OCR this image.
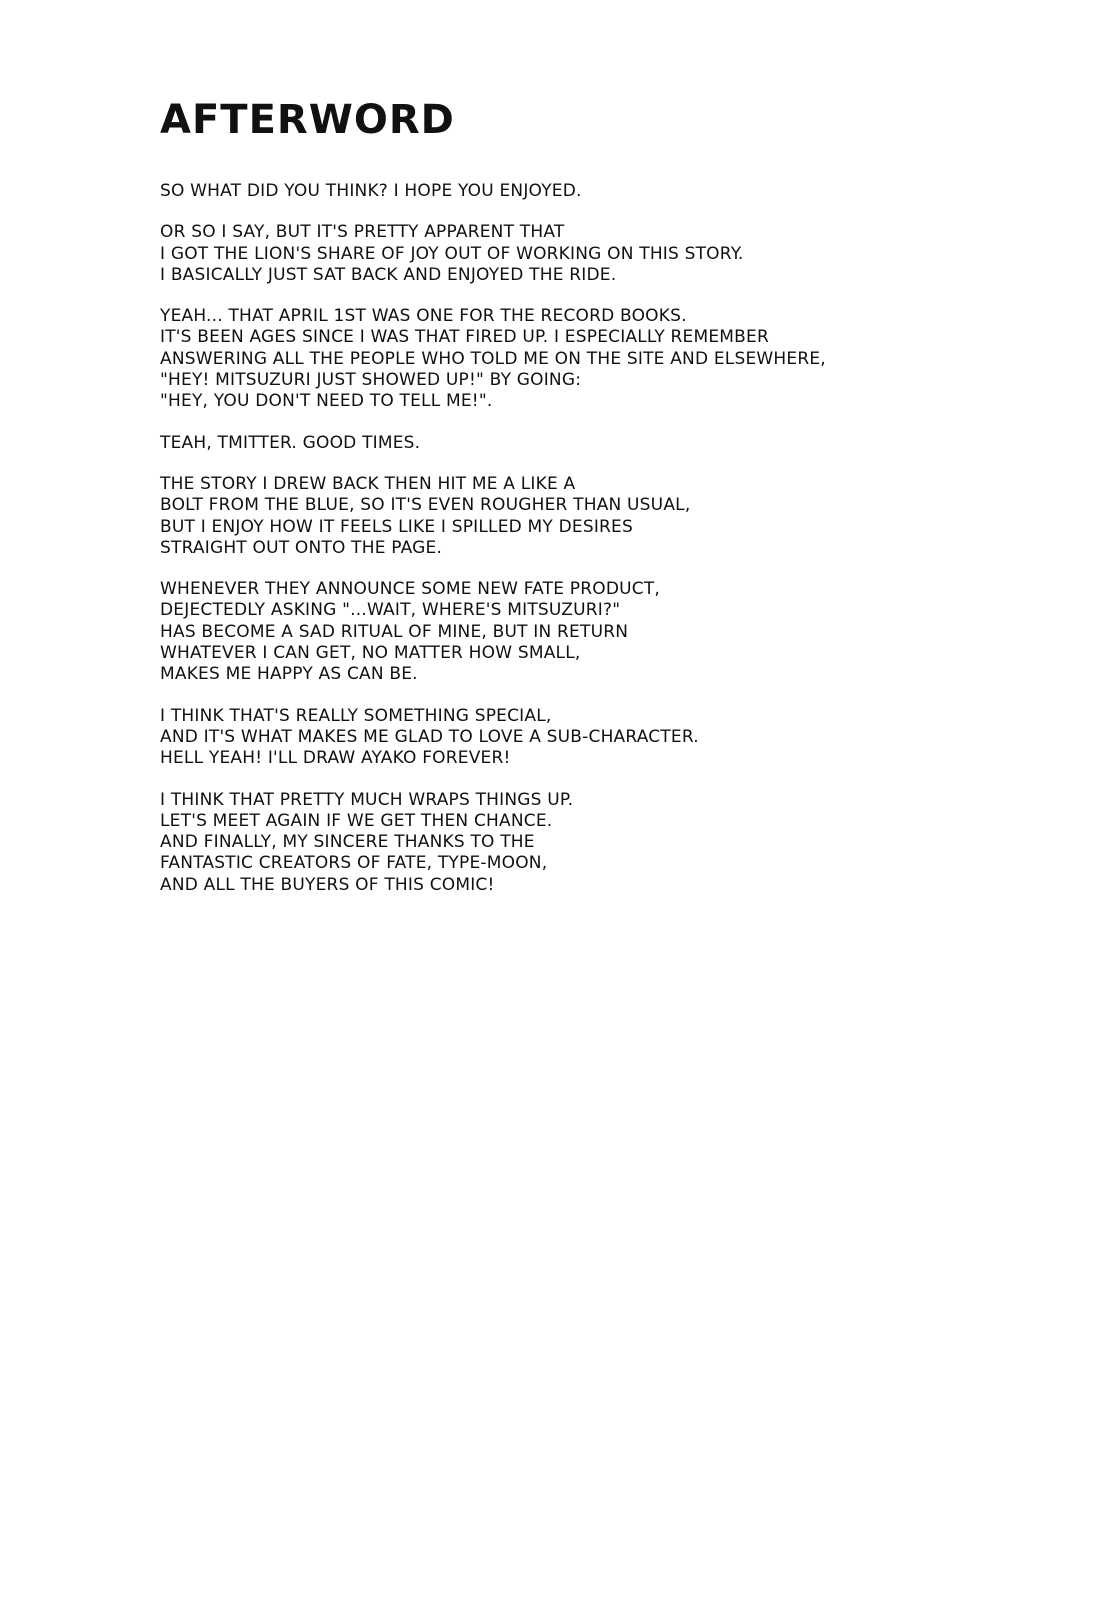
AFTERWORD

SO WHAT DID YOU THINK? I HOPE YOU ENJOYED.

OR SO I SAY, BUT IT'S PRETTY APPARENT THAT
I GOT THE LION'S SHARE OF JOY OUT OF WORKING ON THIS STORY.
I BASICALLY JUST SAT BACK AND ENJOYED THE RIDE.

YEAH... THAT APRIL 1ST WAS ONE FOR THE RECORD BOOKS.
IT'S BEEN AGES SINCE I WAS THAT FIRED UP. I ESPECIALLY REMEMBER
ANSWERING ALL THE PEOPLE WHO TOLD ME ON THE SITE AND ELSEWHERE,
"HEY! MITSUZURI JUST SHOWED UP!" BY GOING:
"HEY, YOU DON'T NEED TO TELL ME!".

TEAH, TMITTER. GOOD TIMES.

THE STORY I DREW BACK THEN HIT ME A LIKE A
BOLT FROM THE BLUE, SO IT'S EVEN ROUGHER THAN USUAL,
BUT I ENJOY HOW IT FEELS LIKE I SPILLED MY DESIRES
STRAIGHT OUT ONTO THE PAGE.

WHENEVER THEY ANNOUNCE SOME NEW FATE PRODUCT,
DEJECTEDLY ASKING "...WAIT, WHERE'S MITSUZURI?"
HAS BECOME A SAD RITUAL OF MINE, BUT IN RETURN
WHATEVER I CAN GET, NO MATTER HOW SMALL,
MAKES ME HAPPY AS CAN BE.

I THINK THAT'S REALLY SOMETHING SPECIAL,
AND IT'S WHAT MAKES ME GLAD TO LOVE A SUB-CHARACTER.
HELL YEAH! I'LL DRAW AYAKO FOREVER!

I THINK THAT PRETTY MUCH WRAPS THINGS UP.
LET'S MEET AGAIN IF WE GET THEN CHANCE.
AND FINALLY, MY SINCERE THANKS TO THE
FANTASTIC CREATORS OF FATE, TYPE-MOON,
AND ALL THE BUYERS OF THIS COMIC!
